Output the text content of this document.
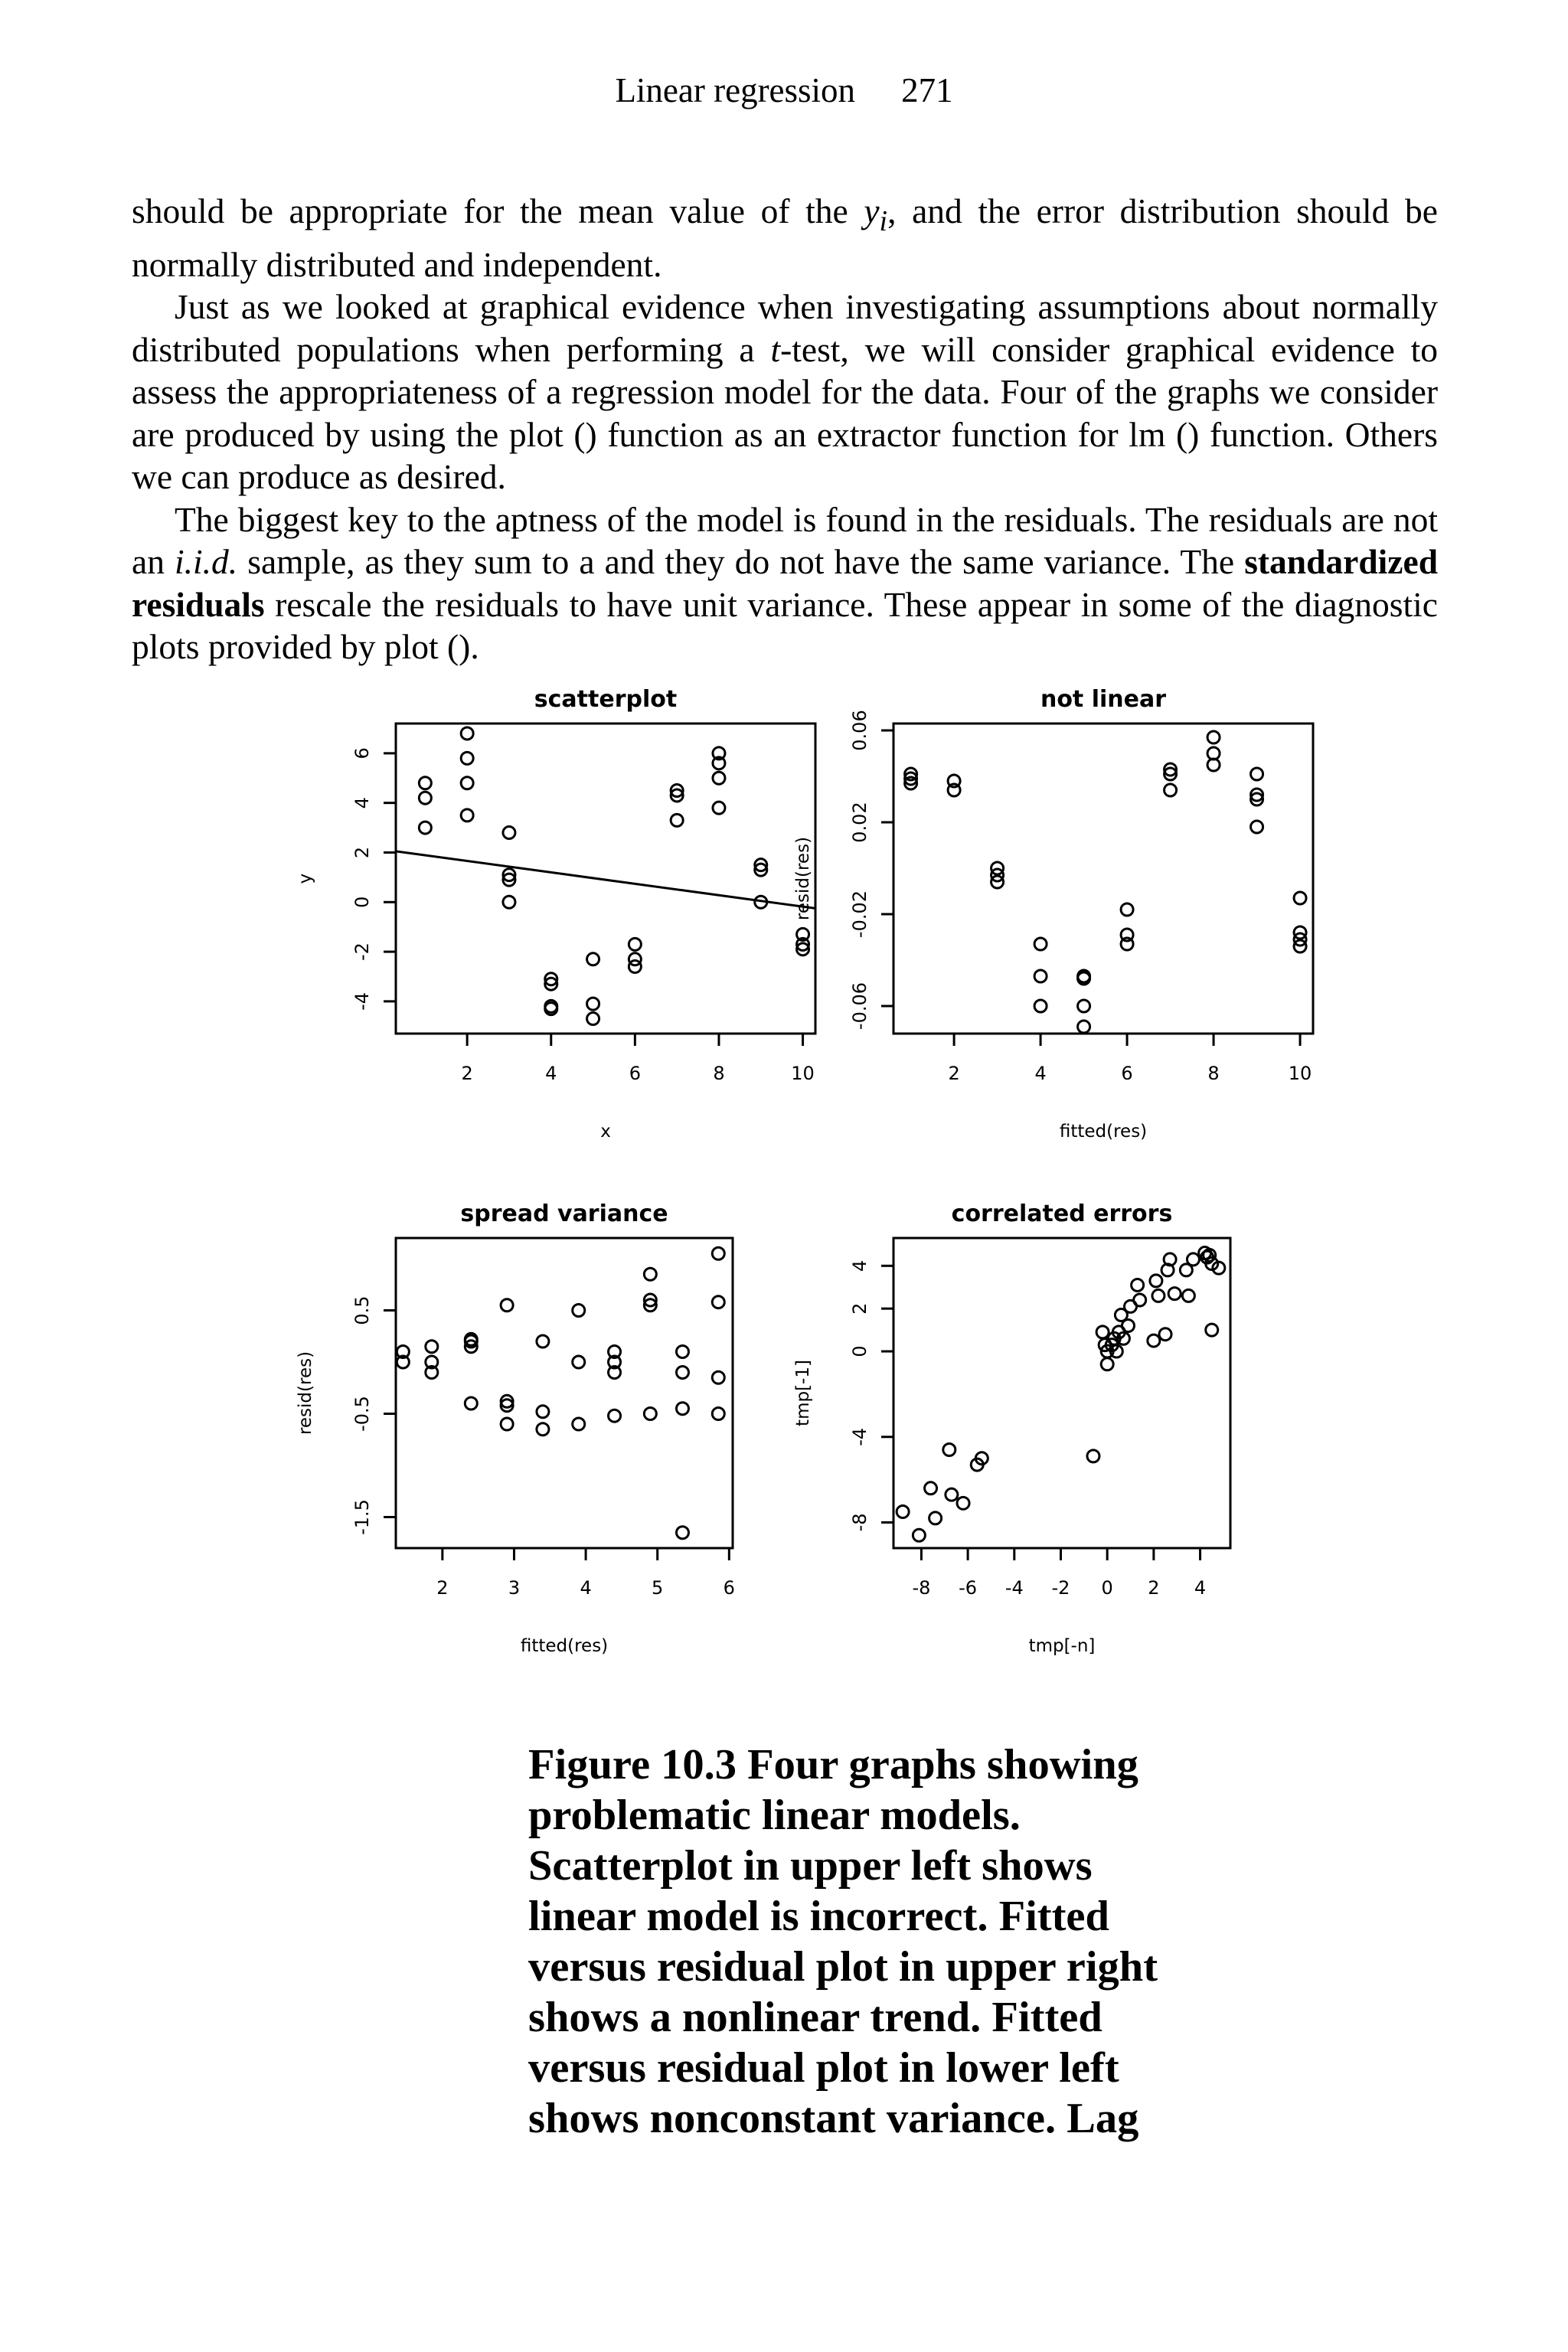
Linear regression 271

should be appropriate for the mean value of the $y_i$, and the error distribution should be normally distributed and independent.

Just as we looked at graphical evidence when investigating assumptions about normally distributed populations when performing a t-test, we will consider graphical evidence to assess the appropriateness of a regression model for the data. Four of the graphs we consider are produced by using the plot () function as an extractor function for lm () function. Others we can produce as desired.

The biggest key to the aptness of the model is found in the residuals. The residuals are not an i.i.d. sample, as they sum to a and they do not have the same variance. The standardized residuals rescale the residuals to have unit variance. These appear in some of the diagnostic plots provided by plot ().

scatterplot
2	4	6	8	10
-4
-2
0
2
4
6
x
y
not linear
2	4	6	8	10
-0.06
-0.02
0.02
0.06
fitted(res)
resid(res)
spread variance
2	3	4	5	6
-1.5
-0.5
0.5
fitted(res)
resid(res)
correlated errors
-8 -6 -4 -2 0 2 4
-8
-4
0
2
4
tmp[-n]
tmp[-1]
Figure 10.3 Four graphs showing problematic linear models. Scatterplot in upper left shows linear model is incorrect. Fitted versus residual plot in upper right shows a nonlinear trend. Fitted versus residual plot in lower left shows nonconstant variance. Lag
